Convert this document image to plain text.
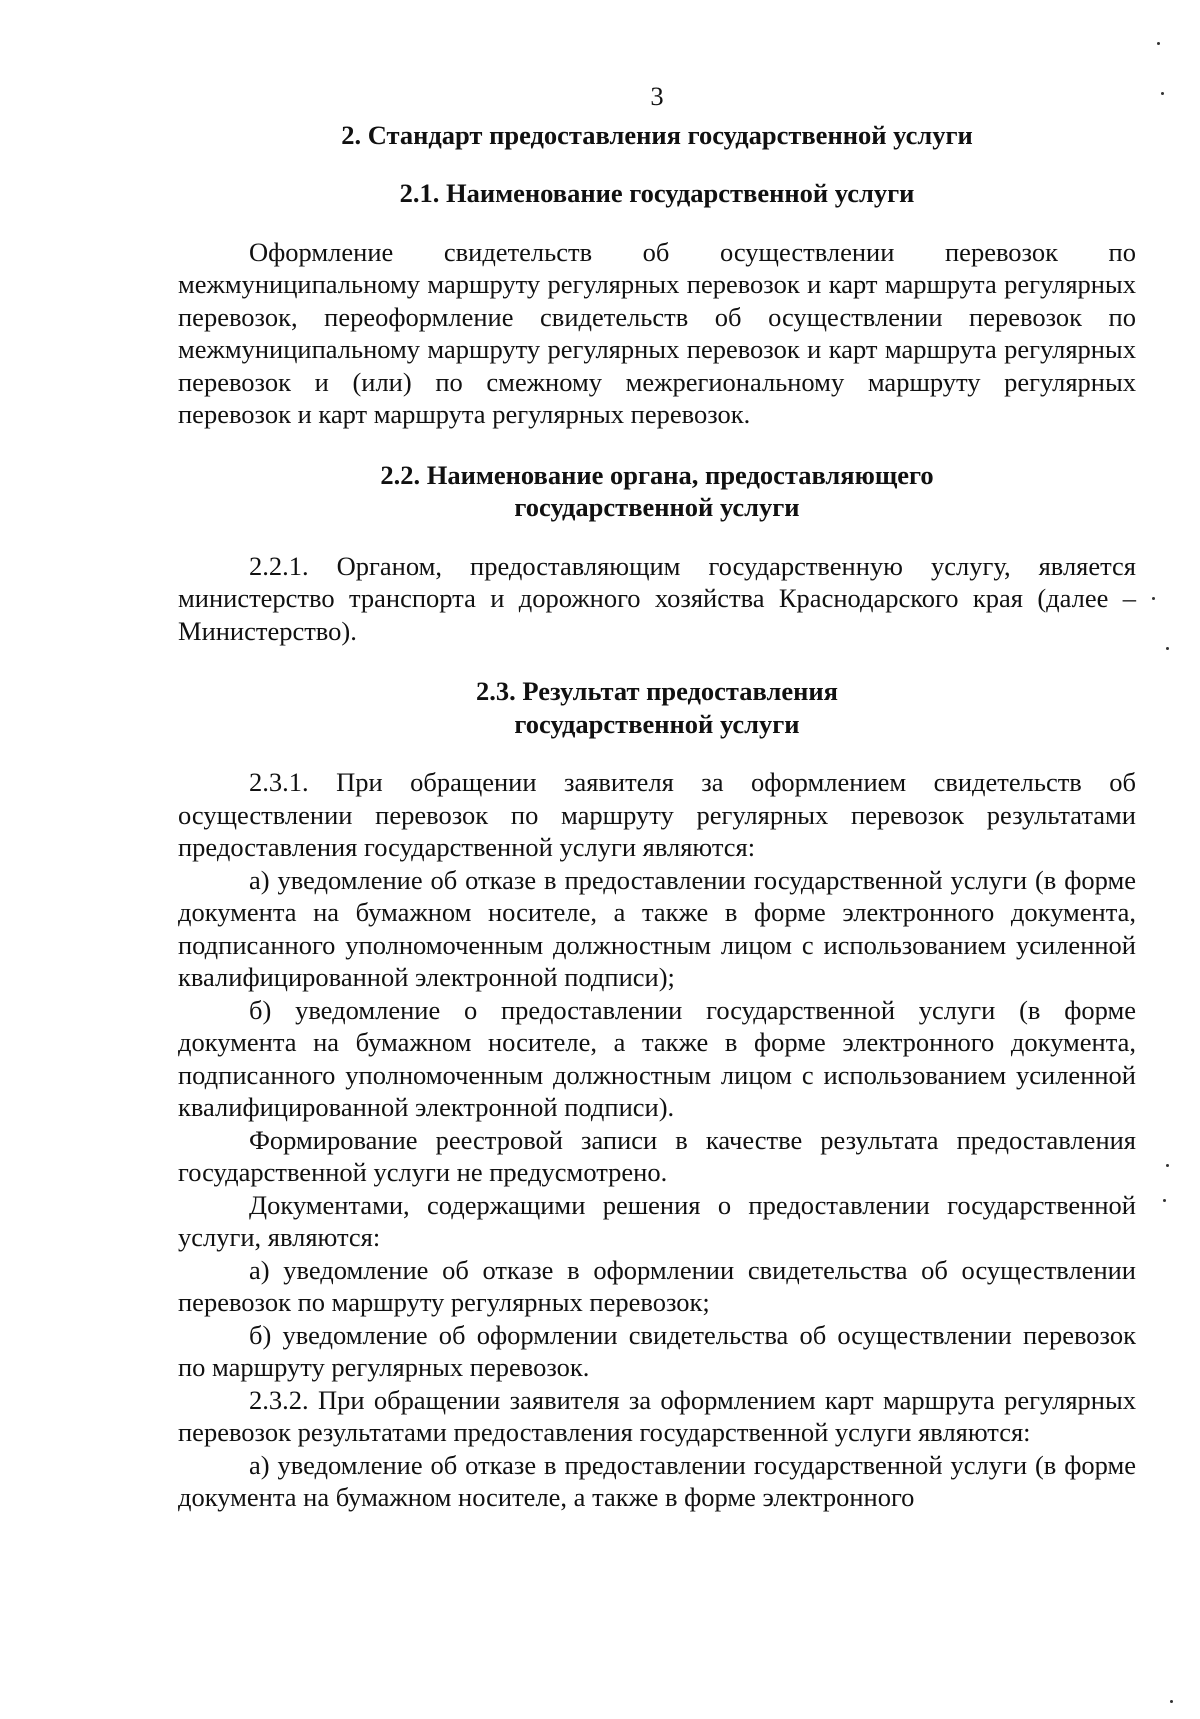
3
2. Стандарт предоставления государственной услуги
2.1. Наименование государственной услуги

Оформление свидетельств об осуществлении перевозок по межмуниципальному маршруту регулярных перевозок и карт маршрута регулярных перевозок, переоформление свидетельств об осуществлении перевозок по межмуниципальному маршруту регулярных перевозок и карт маршрута регулярных перевозок и (или) по смежному межрегиональному маршруту регулярных перевозок и карт маршрута регулярных перевозок.

2.2. Наименование органа, предоставляющего
государственной услуги

2.2.1. Органом, предоставляющим государственную услугу, является министерство транспорта и дорожного хозяйства Краснодарского края (далее – Министерство).

2.3. Результат предоставления
государственной услуги

2.3.1. При обращении заявителя за оформлением свидетельств об осуществлении перевозок по маршруту регулярных перевозок результатами предоставления государственной услуги являются:

а) уведомление об отказе в предоставлении государственной услуги (в форме документа на бумажном носителе, а также в форме электронного документа, подписанного уполномоченным должностным лицом с использованием усиленной квалифицированной электронной подписи);

б) уведомление о предоставлении государственной услуги (в форме документа на бумажном носителе, а также в форме электронного документа, подписанного уполномоченным должностным лицом с использованием усиленной квалифицированной электронной подписи).

Формирование реестровой записи в качестве результата предоставления государственной услуги не предусмотрено.

Документами, содержащими решения о предоставлении государственной услуги, являются:

а) уведомление об отказе в оформлении свидетельства об осуществлении перевозок по маршруту регулярных перевозок;

б) уведомление об оформлении свидетельства об осуществлении перевозок по маршруту регулярных перевозок.

2.3.2. При обращении заявителя за оформлением карт маршрута регулярных перевозок результатами предоставления государственной услуги являются:

а) уведомление об отказе в предоставлении государственной услуги (в форме документа на бумажном носителе, а также в форме электронного
